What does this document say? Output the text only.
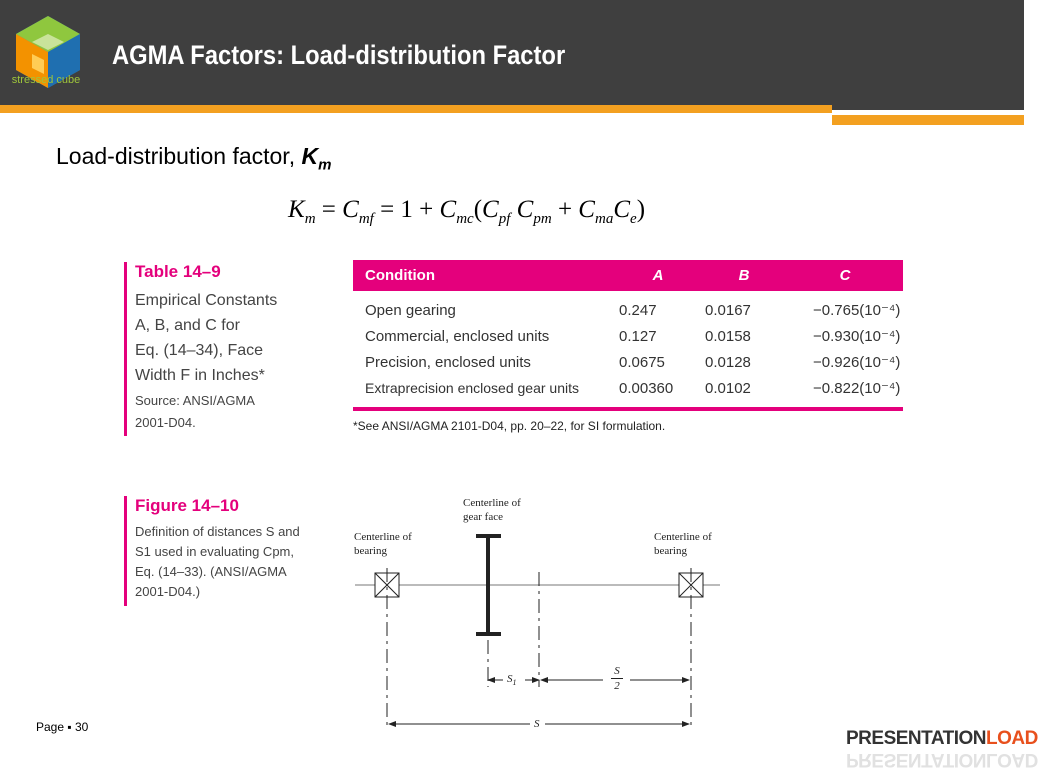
stressed cube
AGMA Factors: Load-distribution Factor
Load-distribution factor, $K_m$
$K_m = C_{mf} = 1 + C_{mc}(C_{pf}$ $C_{pm} + C_{ma}C_e$)
Table 14–9
Empirical Constants
A, B, and C for
Eq. (14–34), Face
Width F in Inches*
Source: ANSI/AGMA
2001-D04.
Condition	A	B	C
Open gearing	0.247	0.0167	−0.765(10⁻⁴)
Commercial, enclosed units	0.127	0.0158	−0.930(10⁻⁴)
Precision, enclosed units	0.0675	0.0128	−0.926(10⁻⁴)
Extraprecision enclosed gear units	0.00360	0.0102	−0.822(10⁻⁴)
*See ANSI/AGMA 2101-D04, pp. 20–22, for SI formulation.
Figure 14–10
Definition of distances S and
S1 used in evaluating Cpm,
Eq. (14–33). (ANSI/AGMA
2001-D04.)
Centerline of
gear face
Centerline of
bearing
Centerline of
bearing
$S_1$
S
2
S
Page ▪ 30
PRESENTATIONLOAD
PRESENTATIONLOAD
